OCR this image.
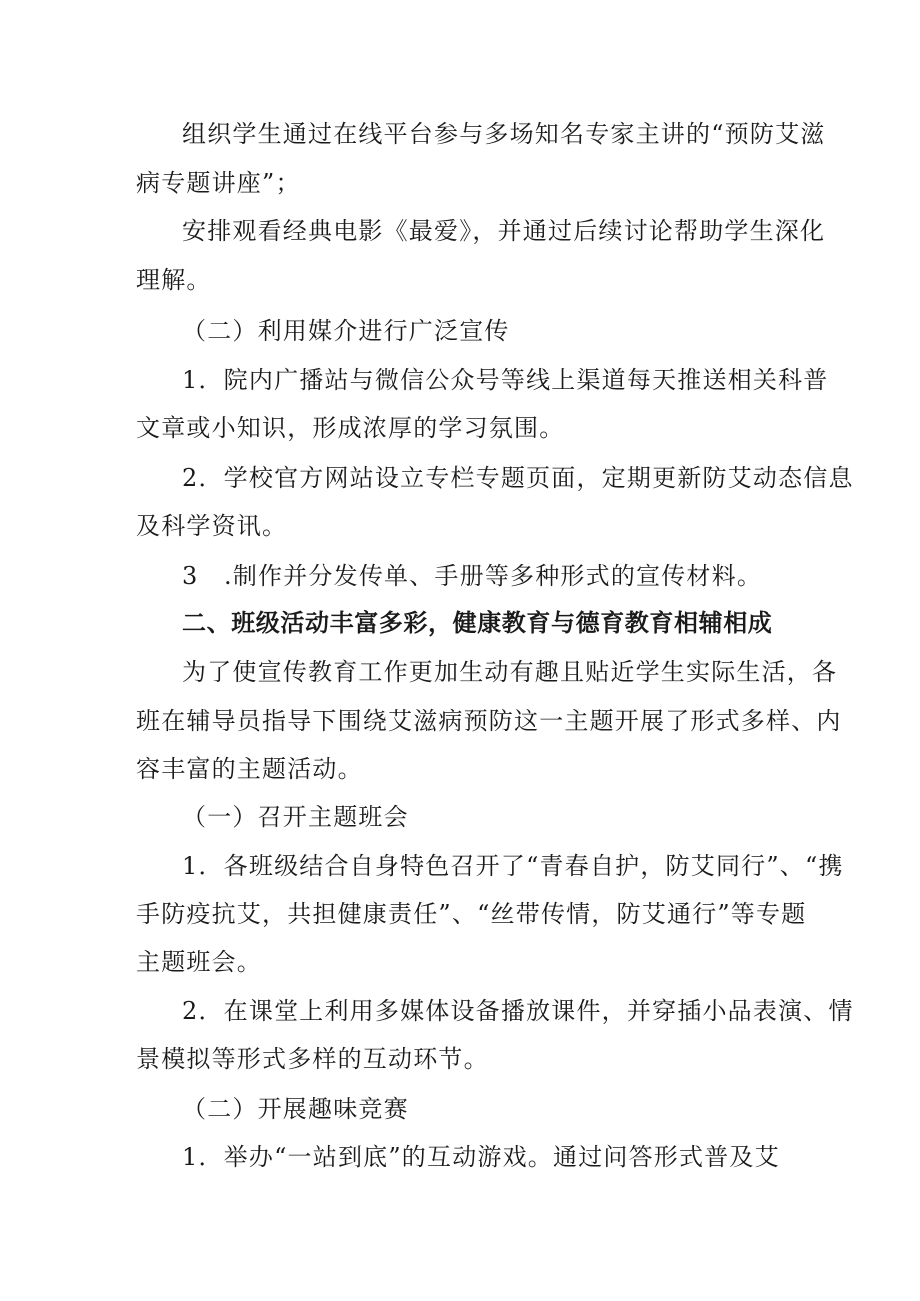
组织学生通过在线平台参与多场知名专家主讲的“预防艾滋
病专题讲座”；
安排观看经典电影《最爱》，并通过后续讨论帮助学生深化
理解。
（二）利用媒介进行广泛宣传
1．院内广播站与微信公众号等线上渠道每天推送相关科普
文章或小知识，形成浓厚的学习氛围。
2．学校官方网站设立专栏专题页面，定期更新防艾动态信息
及科学资讯。
3 .制作并分发传单、手册等多种形式的宣传材料。
二、班级活动丰富多彩，健康教育与德育教育相辅相成
为了使宣传教育工作更加生动有趣且贴近学生实际生活，各
班在辅导员指导下围绕艾滋病预防这一主题开展了形式多样、内
容丰富的主题活动。
（一）召开主题班会
1．各班级结合自身特色召开了“青春自护，防艾同行”、“携
手防疫抗艾，共担健康责任”、“丝带传情，防艾通行”等专题
主题班会。
2．在课堂上利用多媒体设备播放课件，并穿插小品表演、情
景模拟等形式多样的互动环节。
（二）开展趣味竞赛
1．举办“一站到底”的互动游戏。通过问答形式普及艾
